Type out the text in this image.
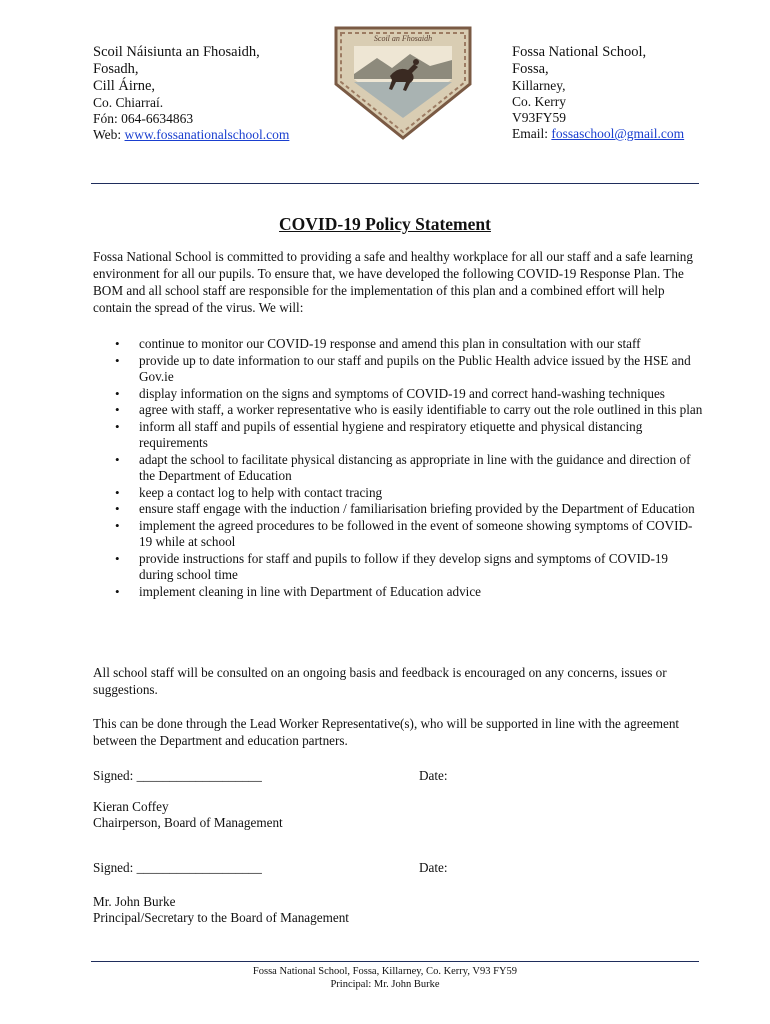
Scoil Náisiunta an Fhosaidh,
Fosadh,
Cill Áirne,
Co. Chiarraí.
Fón: 064-6634863
Web: www.fossanationalschool.com
Scoil an Fhosaidh
Fossa National School,
Fossa,
Killarney,
Co. Kerry
V93FY59
Email: fossaschool@gmail.com
COVID-19 Policy Statement
Fossa National School is committed to providing a safe and healthy workplace for all our staff and a safe learning environment for all our pupils. To ensure that, we have developed the following COVID-19 Response Plan. The BOM and all school staff are responsible for the implementation of this plan and a combined effort will help contain the spread of the virus. We will:
• continue to monitor our COVID-19 response and amend this plan in consultation with our staff
• provide up to date information to our staff and pupils on the Public Health advice issued by the HSE and Gov.ie
• display information on the signs and symptoms of COVID-19 and correct hand-washing techniques
• agree with staff, a worker representative who is easily identifiable to carry out the role outlined in this plan
• inform all staff and pupils of essential hygiene and respiratory etiquette and physical distancing requirements
• adapt the school to facilitate physical distancing as appropriate in line with the guidance and direction of the Department of Education
• keep a contact log to help with contact tracing
• ensure staff engage with the induction / familiarisation briefing provided by the Department of Education
• implement the agreed procedures to be followed in the event of someone showing symptoms of COVID-19 while at school
• provide instructions for staff and pupils to follow if they develop signs and symptoms of COVID-19 during school time
• implement cleaning in line with Department of Education advice
All school staff will be consulted on an ongoing basis and feedback is encouraged on any concerns, issues or suggestions.
This can be done through the Lead Worker Representative(s), who will be supported in line with the agreement between the Department and education partners.
Signed: ___________________	Date:
Kieran Coffey
Chairperson, Board of Management
Signed: ___________________	Date:
Mr. John Burke
Principal/Secretary to the Board of Management
Fossa National School, Fossa, Killarney, Co. Kerry, V93 FY59
Principal: Mr. John Burke
